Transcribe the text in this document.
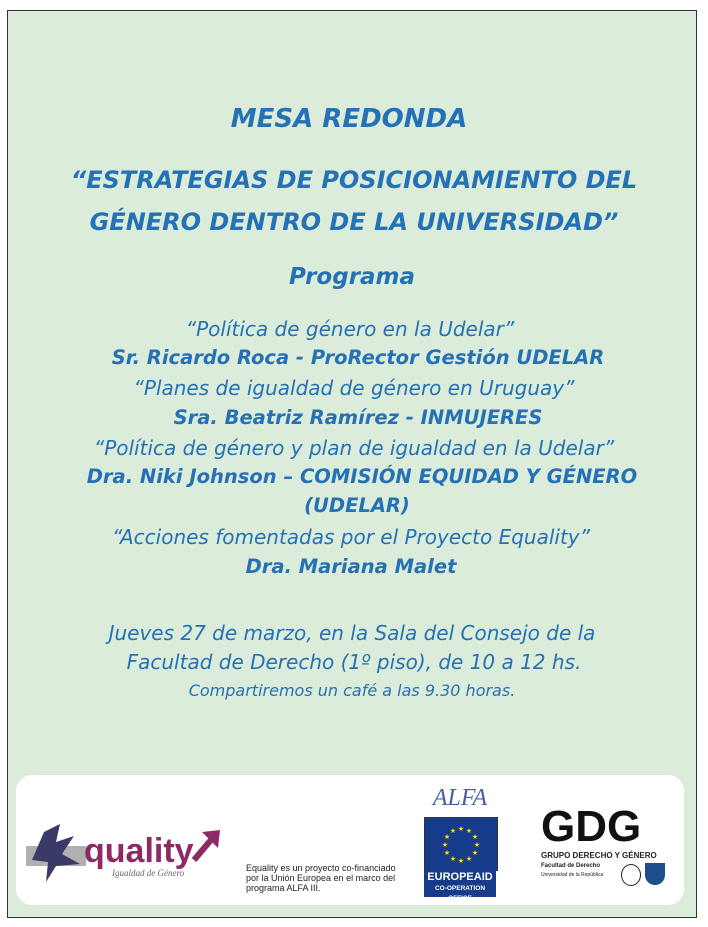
MESA REDONDA
“ESTRATEGIAS DE POSICIONAMIENTO DEL
GÉNERO DENTRO DE LA UNIVERSIDAD”
Programa
“Política de género en la Udelar”
Sr. Ricardo Roca - ProRector Gestión UDELAR
“Planes de igualdad de género en Uruguay”
Sra. Beatriz Ramírez - INMUJERES
“Política de género y plan de igualdad en la Udelar”
Dra. Niki Johnson – COMISIÓN EQUIDAD Y GÉNERO
(UDELAR)
“Acciones fomentadas por el Proyecto Equality”
Dra. Mariana Malet
Jueves 27 de marzo, en la Sala del Consejo de la
Facultad de Derecho (1º piso), de 10 a 12 hs.
Compartiremos un café a las 9.30 horas.
quality
Igualdad de Género	Equality es un proyecto co-financiado
por la Unión Europea en el marco del
programa ALFA III.
ALFA
★ ★
★
★
★
★
★
★
★
★
★
★
EUROPEAID
CO-OPERATION OFFICE
GDG
GRUPO DERECHO Y GÉNERO
Facultad de Derecho
Universidad de la República
